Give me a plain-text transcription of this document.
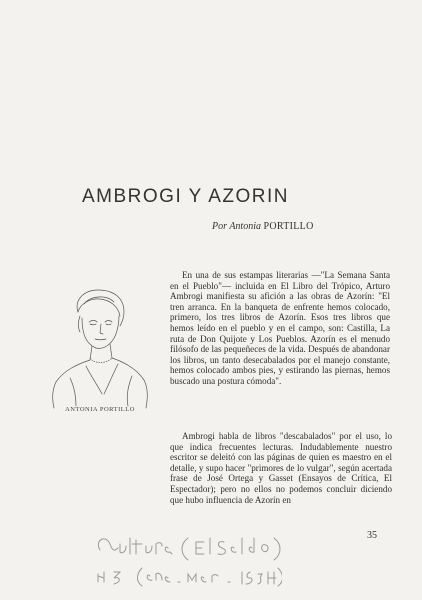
AMBROGI Y AZORIN
Por Antonia PORTILLO
ANTONIA PORTILLO

En una de sus estampas literarias —"La Semana Santa en el Pueblo"— incluida en El Libro del Trópico, Arturo Ambrogi manifiesta su afición a las obras de Azorín: "El tren arranca. En la banqueta de enfrente hemos colocado, primero, los tres libros de Azorín. Esos tres libros que hemos leído en el pueblo y en el campo, son: Castilla, La ruta de Don Quijote y Los Pueblos. Azorín es el menudo filósofo de las pequeñeces de la vida. Después de abandonar los libros, un tanto desecabalados por el manejo constante, hemos colocado ambos pies, y estirando las piernas, hemos buscado una postura cómoda".

Ambrogi habla de libros "descabalados" por el uso, lo que indica frecuentes lecturas. Indudablemente nuestro escritor se deleitó con las páginas de quien es maestro en el detalle, y supo hacer "primores de lo vulgar", según acertada frase de José Ortega y Gasset (Ensayos de Crítica, El Espectador); pero no ellos no podemos concluir diciendo que hubo influencia de Azorín en

35
